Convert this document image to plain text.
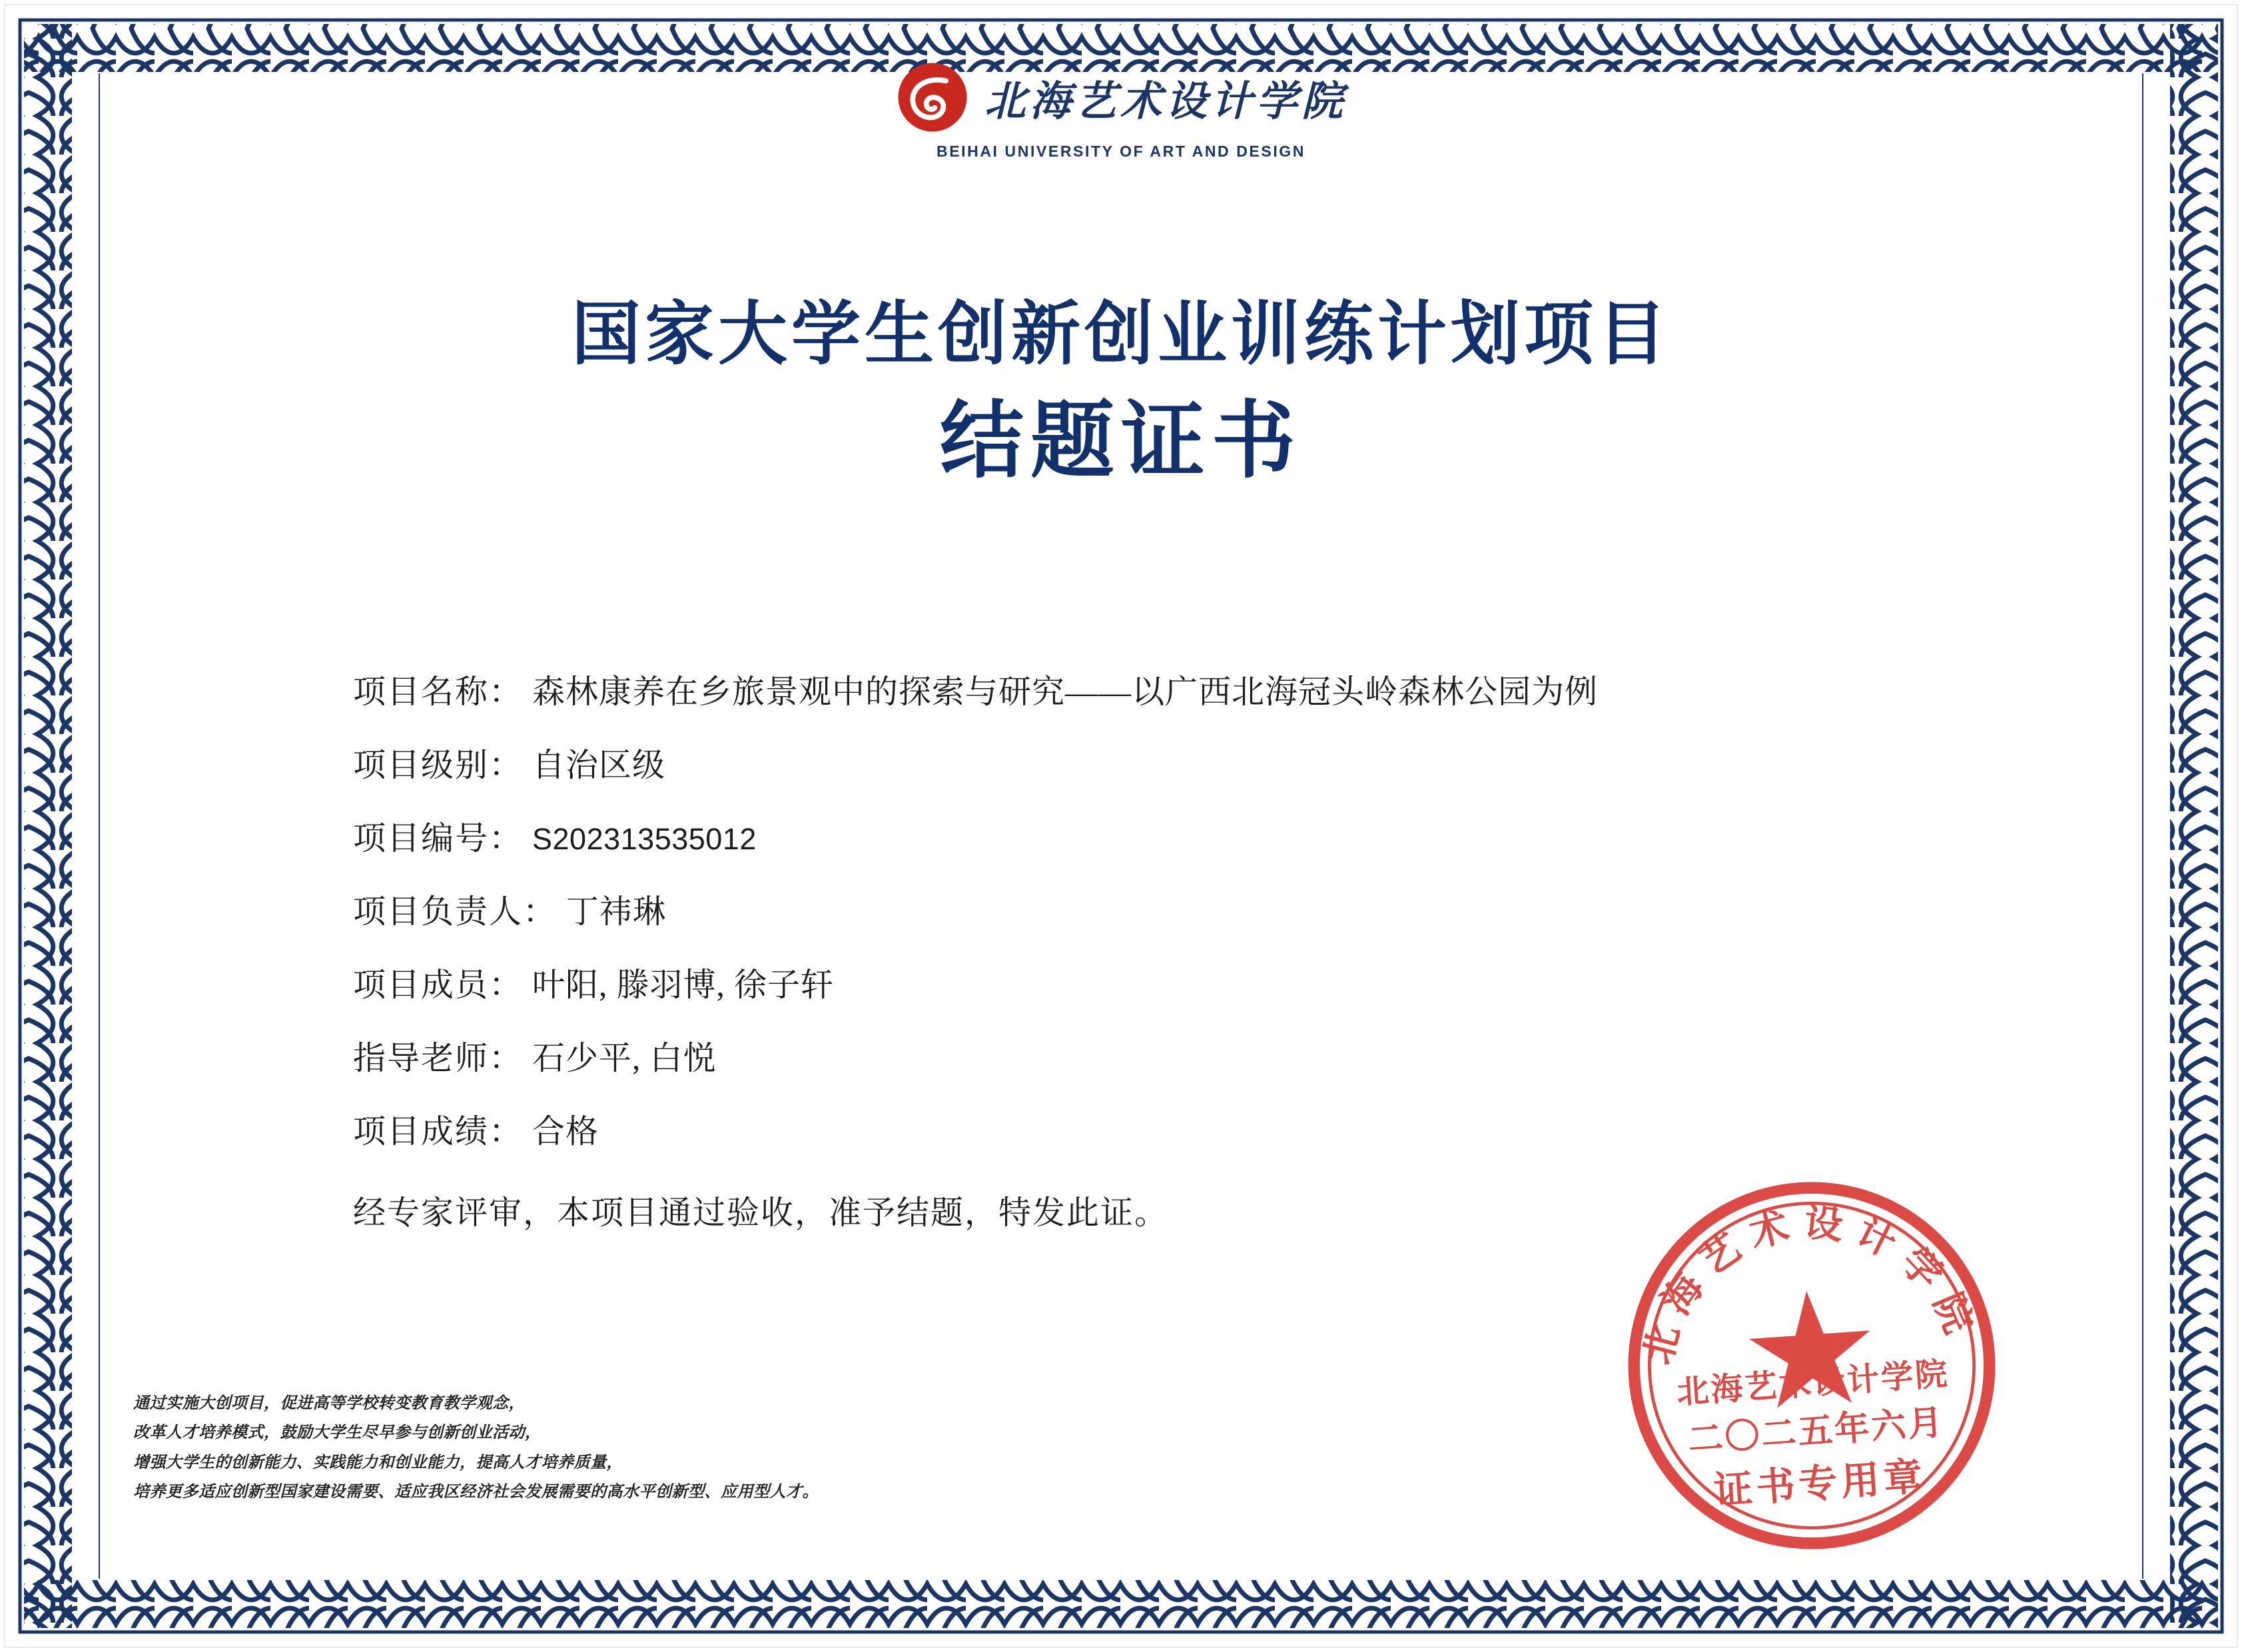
北海艺术设计学院
BEIHAI UNIVERSITY OF ART AND DESIGN
国家大学生创新创业训练计划项目
结题证书
项目名称： 森林康养在乡旅景观中的探索与研究——以广西北海冠头岭森林公园为例
项目级别： 自治区级
项目编号： S202313535012
项目负责人： 丁祎琳
项目成员： 叶阳, 滕羽博, 徐子轩
指导老师： 石少平, 白悦
项目成绩： 合格
经专家评审，本项目通过验收，准予结题，特发此证。
通过实施大创项目，促进高等学校转变教育教学观念，
改革人才培养模式，鼓励大学生尽早参与创新创业活动，
增强大学生的创新能力、实践能力和创业能力，提高人才培养质量，
培养更多适应创新型国家建设需要、适应我区经济社会发展需要的高水平创新型、应用型人才。
北海艺术设计学院
北海艺术设计学院
二〇二五年六月
证书专用章
